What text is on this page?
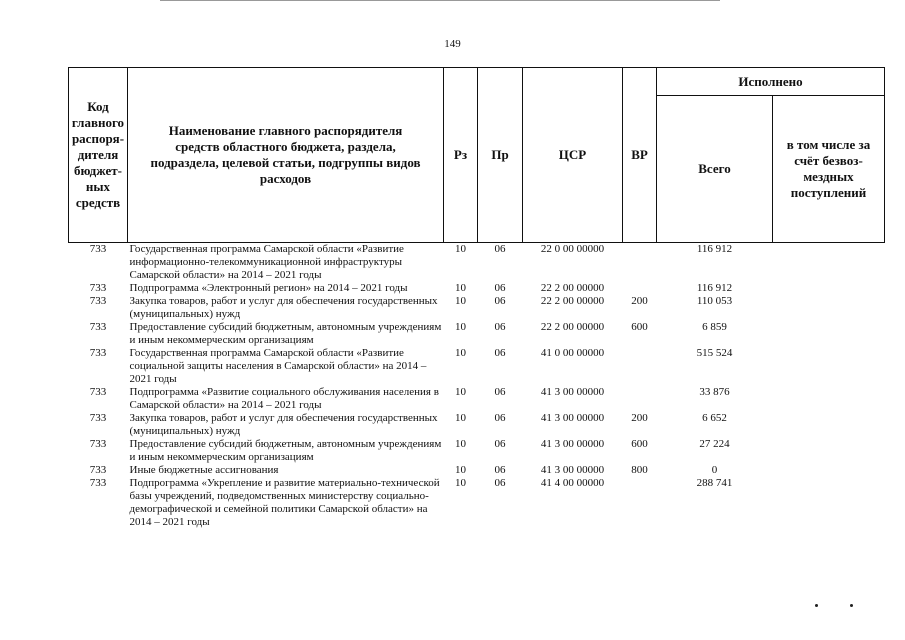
149
Код главного распоря-дителя бюджет-ных средств	Наименование главного распорядителя средств областного бюджета, раздела, подраздела, целевой статьи, подгруппы видов расходов	Рз	Пр	ЦСР	ВР	Исполнено	
						Всего	в том числе за счёт безвоз-мездных поступлений
733	Государственная программа Самарской области «Развитие информационно-телекоммуникационной инфраструктуры Самарской области» на 2014 – 2021 годы	10	06	22 0 00 00000		116 912	
733	Подпрограмма «Электронный регион» на 2014 – 2021 годы	10	06	22 2 00 00000		116 912	
733	Закупка товаров, работ и услуг для обеспечения государственных (муниципальных) нужд	10	06	22 2 00 00000	200	110 053	
733	Предоставление субсидий бюджетным, автономным учреждениям и иным некоммерческим организациям	10	06	22 2 00 00000	600	6 859	
733	Государственная программа Самарской области «Развитие социальной защиты населения в Самарской области» на 2014 – 2021 годы	10	06	41 0 00 00000		515 524	
733	Подпрограмма «Развитие социального обслуживания населения в Самарской области» на 2014 – 2021 годы	10	06	41 3 00 00000		33 876	
733	Закупка товаров, работ и услуг для обеспечения государственных (муниципальных) нужд	10	06	41 3 00 00000	200	6 652	
733	Предоставление субсидий бюджетным, автономным учреждениям и иным некоммерческим организациям	10	06	41 3 00 00000	600	27 224	
733	Иные бюджетные ассигнования	10	06	41 3 00 00000	800	0	
733	Подпрограмма «Укрепление и развитие материально-технической базы учреждений, подведомственных министерству социально-демографической и семейной политики Самарской области» на 2014 – 2021 годы	10	06	41 4 00 00000		288 741	
